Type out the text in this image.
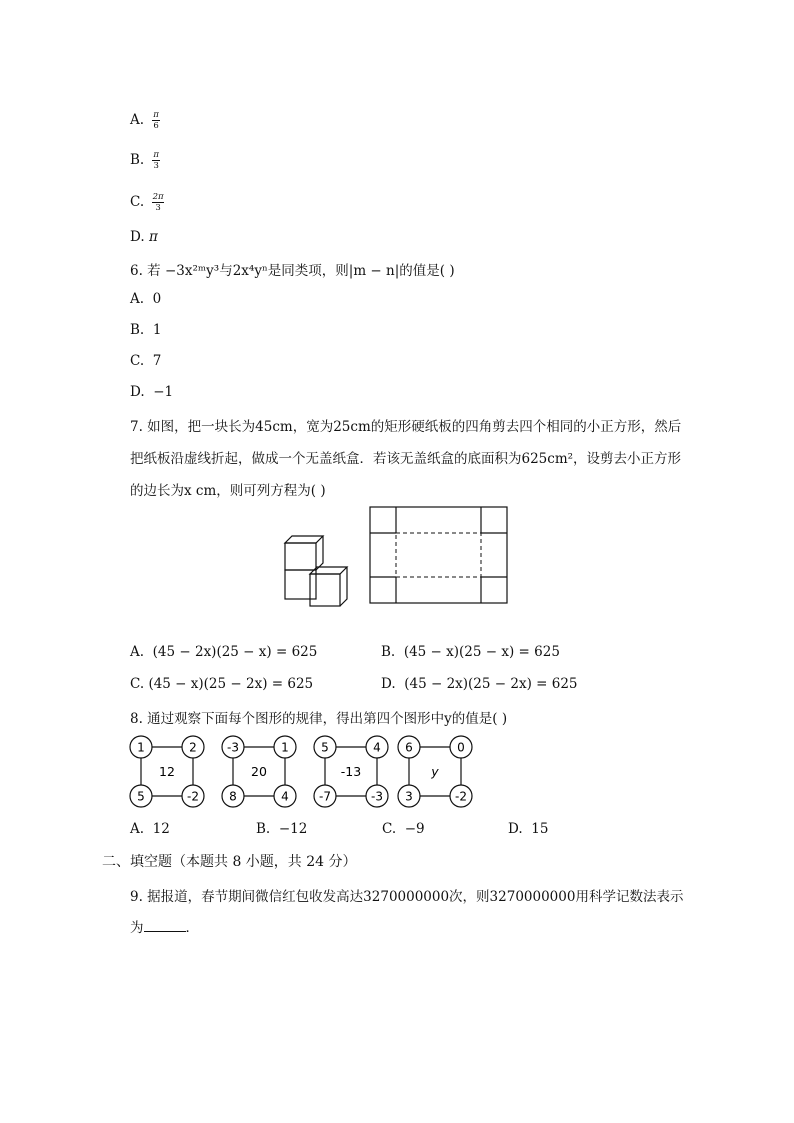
A. $\frac{\pi}{6}$
B. $\frac{\pi}{3}$
C. $\frac{2\pi}{3}$
D. π
6. 若 −3x²ᵐy³与2x⁴yⁿ是同类项，则|m − n|的值是( )
A. 0
B. 1
C. 7
D. −1
7. 如图，把一块长为45cm，宽为25cm的矩形硬纸板的四角剪去四个相同的小正方形，然后
把纸板沿虚线折起，做成一个无盖纸盒．若该无盖纸盒的底面积为625cm²，设剪去小正方形
的边长为x cm，则可列方程为( )
A. (45 − 2x)(25 − x) = 625	B. (45 − x)(25 − x) = 625
C. (45 − x)(25 − 2x) = 625	D. (45 − 2x)(25 − 2x) = 625
8. 通过观察下面每个图形的规律，得出第四个图形中y的值是( )
1	2
5	-2
12
-3	1
8	4
20
5	4
-7	-3
-13
6	0
3	-2
y
A. 12	B. −12	C. −9	D. 15
二、填空题（本题共 8 小题，共 24 分）
9. 据报道，春节期间微信红包收发高达3270000000次，则3270000000用科学记数法表示
为	．
